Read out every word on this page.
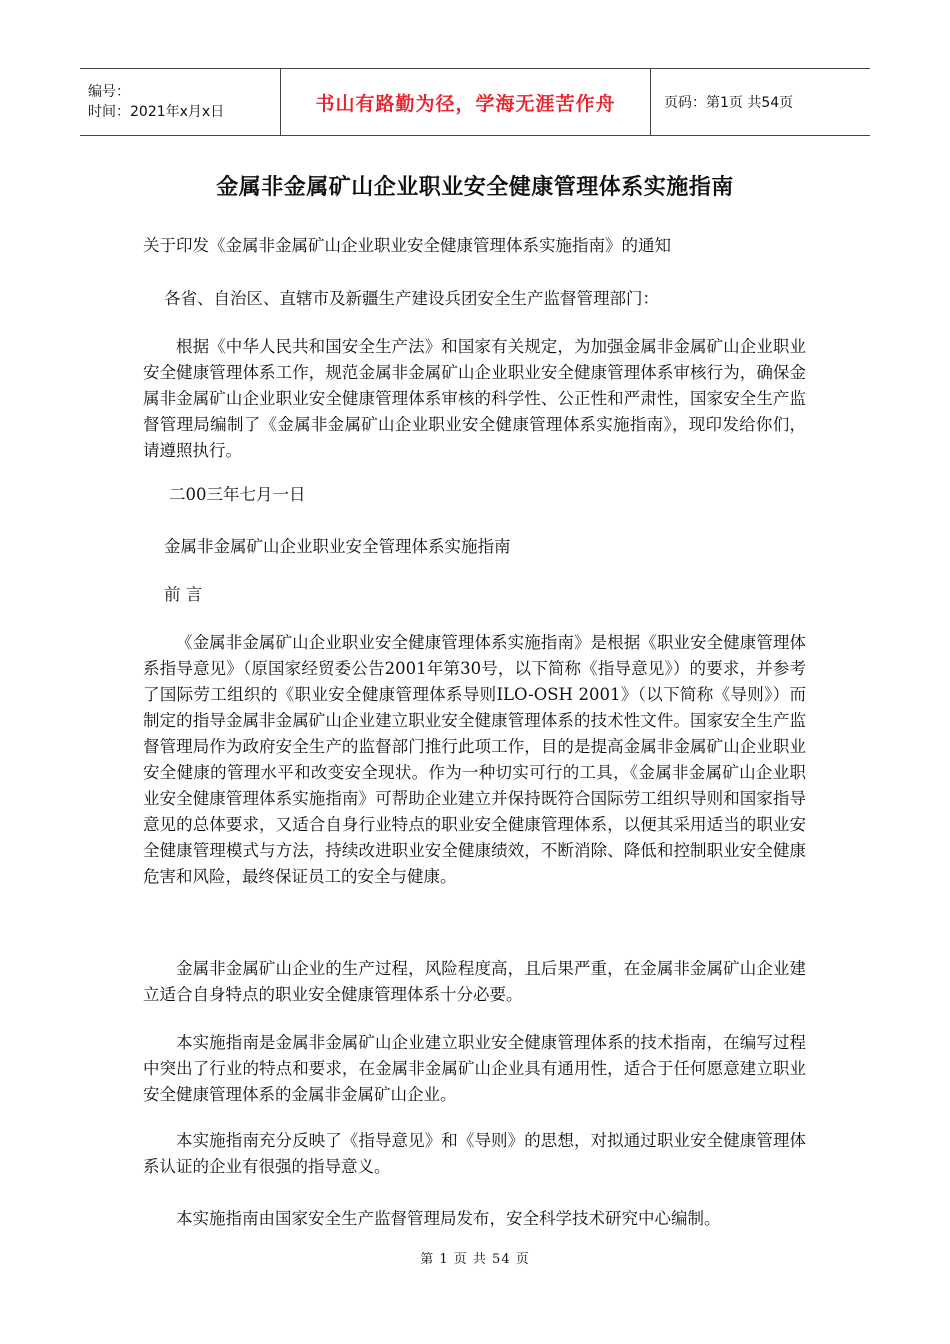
编号：
时间：2021年x月x日	书山有路勤为径，学海无涯苦作舟	页码：第1页 共54页
金属非金属矿山企业职业安全健康管理体系实施指南

关于印发《金属非金属矿山企业职业安全健康管理体系实施指南》的通知

各省、自治区、直辖市及新疆生产建设兵团安全生产监督管理部门：

根据《中华人民共和国安全生产法》和国家有关规定，为加强金属非金属矿山企业职业安全健康管理体系工作，规范金属非金属矿山企业职业安全健康管理体系审核行为，确保金属非金属矿山企业职业安全健康管理体系审核的科学性、公正性和严肃性，国家安全生产监督管理局编制了《金属非金属矿山企业职业安全健康管理体系实施指南》，现印发给你们，请遵照执行。

二00三年七月一日

金属非金属矿山企业职业安全管理体系实施指南

前 言

《金属非金属矿山企业职业安全健康管理体系实施指南》是根据《职业安全健康管理体系指导意见》（原国家经贸委公告2001年第30号，以下简称《指导意见》）的要求，并参考了国际劳工组织的《职业安全健康管理体系导则ILO-OSH 2001》（以下简称《导则》）而制定的指导金属非金属矿山企业建立职业安全健康管理体系的技术性文件。国家安全生产监督管理局作为政府安全生产的监督部门推行此项工作，目的是提高金属非金属矿山企业职业安全健康的管理水平和改变安全现状。作为一种切实可行的工具，《金属非金属矿山企业职业安全健康管理体系实施指南》可帮助企业建立并保持既符合国际劳工组织导则和国家指导意见的总体要求，又适合自身行业特点的职业安全健康管理体系，以便其采用适当的职业安全健康管理模式与方法，持续改进职业安全健康绩效，不断消除、降低和控制职业安全健康危害和风险，最终保证员工的安全与健康。

金属非金属矿山企业的生产过程，风险程度高，且后果严重，在金属非金属矿山企业建立适合自身特点的职业安全健康管理体系十分必要。

本实施指南是金属非金属矿山企业建立职业安全健康管理体系的技术指南，在编写过程中突出了行业的特点和要求，在金属非金属矿山企业具有通用性，适合于任何愿意建立职业安全健康管理体系的金属非金属矿山企业。

本实施指南充分反映了《指导意见》和《导则》的思想，对拟通过职业安全健康管理体系认证的企业有很强的指导意义。

本实施指南由国家安全生产监督管理局发布，安全科学技术研究中心编制。

第 1 页 共 54 页
